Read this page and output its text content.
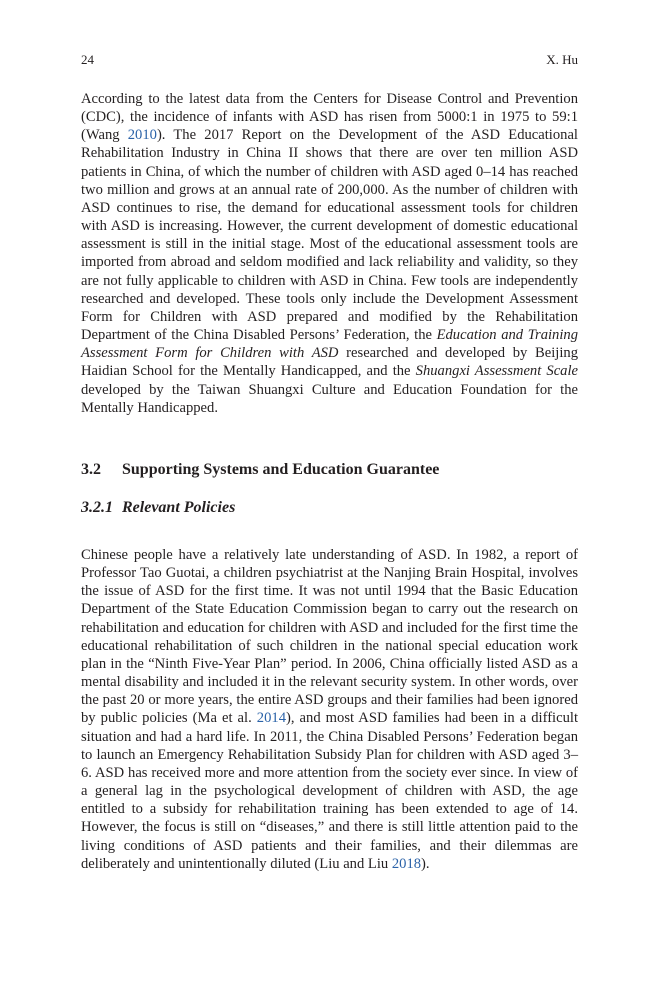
24	X. Hu

According to the latest data from the Centers for Disease Control and Prevention (CDC), the incidence of infants with ASD has risen from 5000:1 in 1975 to 59:1 (Wang 2010). The 2017 Report on the Development of the ASD Educational Rehabilitation Industry in China II shows that there are over ten million ASD patients in China, of which the number of children with ASD aged 0–14 has reached two million and grows at an annual rate of 200,000. As the number of children with ASD continues to rise, the demand for educational assessment tools for children with ASD is increasing. However, the current development of domestic educational assessment is still in the initial stage. Most of the educational assessment tools are imported from abroad and seldom modified and lack reliability and validity, so they are not fully applicable to children with ASD in China. Few tools are independently researched and developed. These tools only include the Development Assessment Form for Children with ASD prepared and modified by the Rehabilitation Department of the China Disabled Persons’ Federation, the Education and Training Assessment Form for Children with ASD researched and developed by Beijing Haidian School for the Mentally Handicapped, and the Shuangxi Assessment Scale developed by the Taiwan Shuangxi Culture and Education Foundation for the Mentally Handicapped.

3.2 Supporting Systems and Education Guarantee
3.2.1 Relevant Policies

Chinese people have a relatively late understanding of ASD. In 1982, a report of Professor Tao Guotai, a children psychiatrist at the Nanjing Brain Hospital, involves the issue of ASD for the first time. It was not until 1994 that the Basic Education Department of the State Education Commission began to carry out the research on rehabilitation and education for children with ASD and included for the first time the educational rehabilitation of such children in the national special education work plan in the “Ninth Five-Year Plan” period. In 2006, China officially listed ASD as a mental disability and included it in the relevant security system. In other words, over the past 20 or more years, the entire ASD groups and their families had been ignored by public policies (Ma et al. 2014), and most ASD families had been in a difficult situation and had a hard life. In 2011, the China Disabled Persons’ Federation began to launch an Emergency Rehabilitation Subsidy Plan for children with ASD aged 3–6. ASD has received more and more attention from the society ever since. In view of a general lag in the psychological development of children with ASD, the age entitled to a subsidy for rehabilitation training has been extended to age of 14. However, the focus is still on “diseases,” and there is still little attention paid to the living conditions of ASD patients and their families, and their dilemmas are deliberately and unintentionally diluted (Liu and Liu 2018).
